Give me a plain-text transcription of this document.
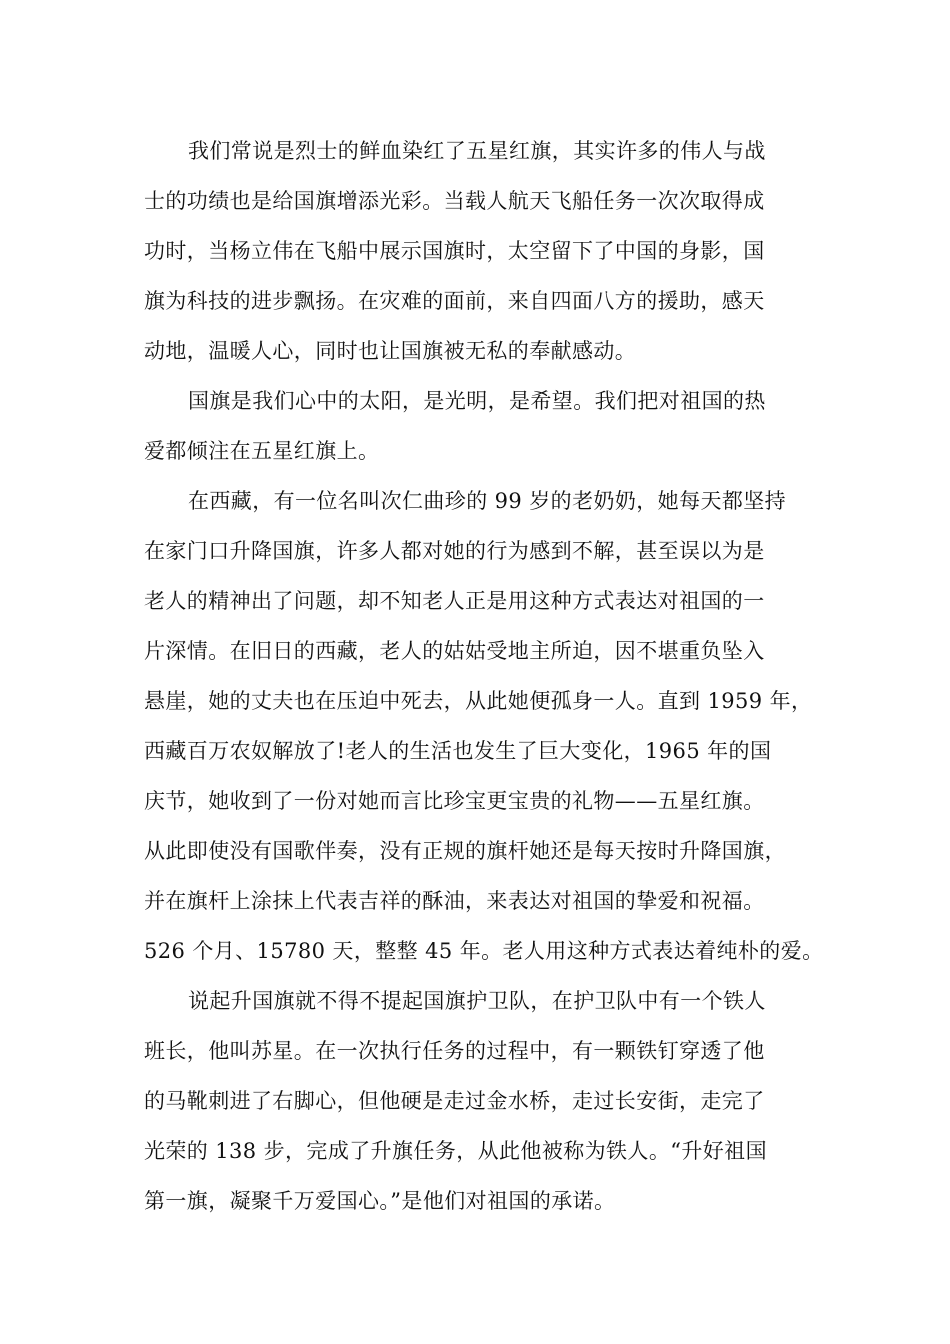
我们常说是烈士的鲜血染红了五星红旗，其实许多的伟人与战
士的功绩也是给国旗增添光彩。当载人航天飞船任务一次次取得成
功时，当杨立伟在飞船中展示国旗时，太空留下了中国的身影，国
旗为科技的进步飘扬。在灾难的面前，来自四面八方的援助，感天
动地，温暖人心，同时也让国旗被无私的奉献感动。
国旗是我们心中的太阳，是光明，是希望。我们把对祖国的热
爱都倾注在五星红旗上。
在西藏，有一位名叫次仁曲珍的 99 岁的老奶奶，她每天都坚持
在家门口升降国旗，许多人都对她的行为感到不解，甚至误以为是
老人的精神出了问题，却不知老人正是用这种方式表达对祖国的一
片深情。在旧日的西藏，老人的姑姑受地主所迫，因不堪重负坠入
悬崖，她的丈夫也在压迫中死去，从此她便孤身一人。直到 1959 年，
西藏百万农奴解放了!老人的生活也发生了巨大变化，1965 年的国
庆节，她收到了一份对她而言比珍宝更宝贵的礼物——五星红旗。
从此即使没有国歌伴奏，没有正规的旗杆她还是每天按时升降国旗，
并在旗杆上涂抹上代表吉祥的酥油，来表达对祖国的挚爱和祝福。
526 个月、15780 天，整整 45 年。老人用这种方式表达着纯朴的爱。
说起升国旗就不得不提起国旗护卫队，在护卫队中有一个铁人
班长，他叫苏星。在一次执行任务的过程中，有一颗铁钉穿透了他
的马靴刺进了右脚心，但他硬是走过金水桥，走过长安街，走完了
光荣的 138 步，完成了升旗任务，从此他被称为铁人。“升好祖国
第一旗，凝聚千万爱国心。”是他们对祖国的承诺。
